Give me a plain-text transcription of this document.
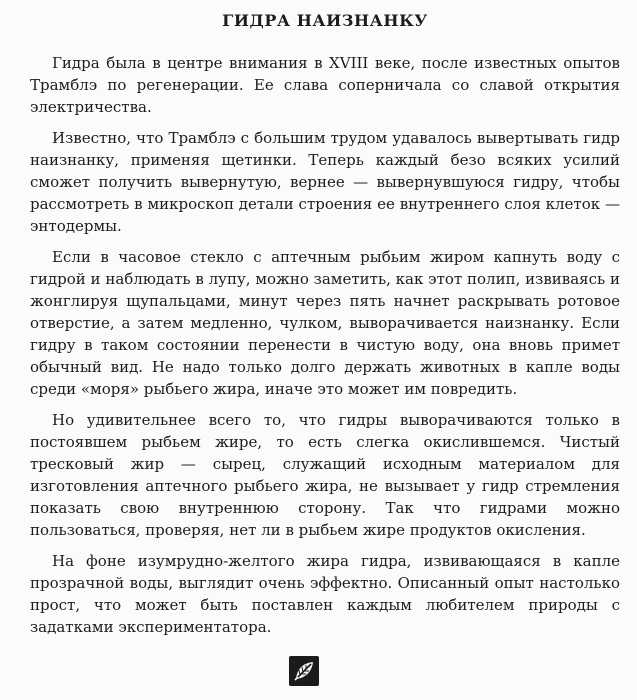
ГИДРА НАИЗНАНКУ

Гидра была в центре внимания в XVIII веке, после известных опытов Трамблэ по регенерации. Ее слава соперничала со славой открытия электричества.

Известно, что Трамблэ с большим трудом удавалось вывертывать гидр наизнанку, применяя щетинки. Теперь каждый безо всяких усилий сможет получить вывернутую, вернее — вывернувшуюся гидру, чтобы рассмотреть в микроскоп детали строения ее внутреннего слоя клеток — энтодермы.

Если в часовое стекло с аптечным рыбьим жиром капнуть воду с гидрой и наблюдать в лупу, можно заметить, как этот полип, извиваясь и жонглируя щупальцами, минут через пять начнет раскрывать ротовое отверстие, а затем медленно, чулком, выворачивается наизнанку. Если гидру в таком состоянии перенести в чистую воду, она вновь примет обычный вид. Не надо только долго держать животных в капле воды среди «моря» рыбьего жира, иначе это может им повредить.

Но удивительнее всего то, что гидры выворачиваются только в постоявшем рыбьем жире, то есть слегка окислившемся. Чистый тресковый жир — сырец, служащий исходным материалом для изготовления аптечного рыбьего жира, не вызывает у гидр стремления показать свою внутреннюю сторону. Так что гидрами можно пользоваться, проверяя, нет ли в рыбьем жире продуктов окисления.

На фоне изумрудно-желтого жира гидра, извивающаяся в капле прозрачной воды, выглядит очень эффектно. Описанный опыт настолько прост, что может быть поставлен каждым любителем природы с задатками экспериментатора.
